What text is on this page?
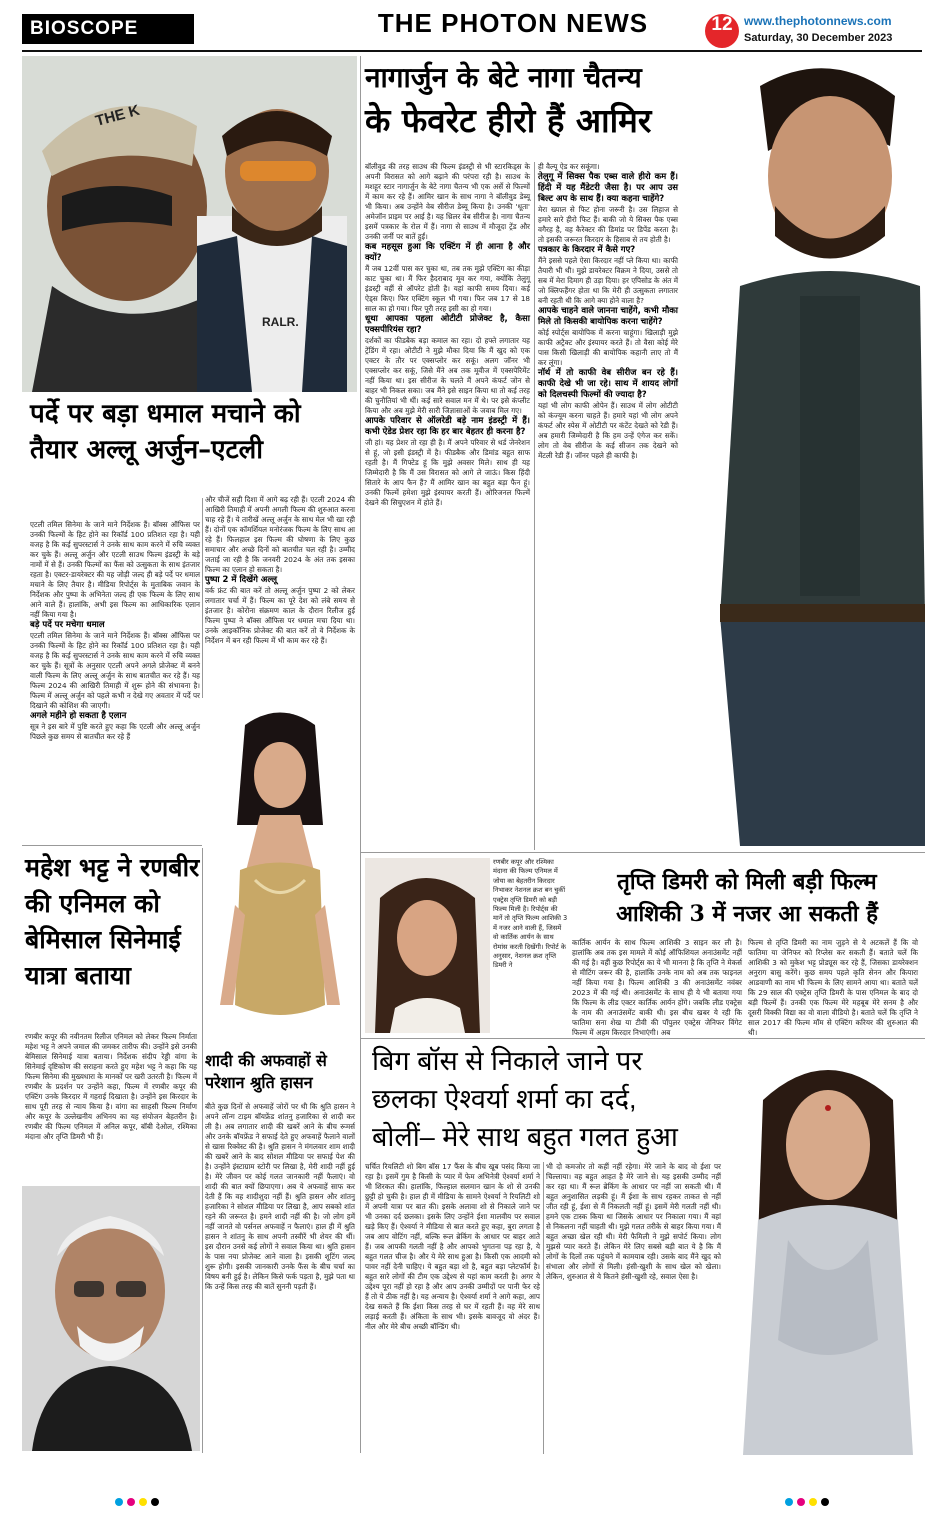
BIOSCOPE	THE PHOTON NEWS	12 www.thephotonnews.com
Saturday, 30 December 2023
RALR.
THE K
पर्दे पर बड़ा धमाल मचाने को तैयार अल्लू अर्जुन–एटली
एटली तमिल सिनेमा के जाने माने निर्देशक हैं। बॉक्स ऑफिस पर उनकी फिल्मों के हिट होने का रिकॉर्ड 100 प्रतिशत रहा है। यही वजह है कि कई सुपरस्टार्स ने उनके साथ काम करने में रुचि व्यक्त कर चुके हैं। अल्लू अर्जुन और एटली साउथ फिल्म इंडस्ट्री के बड़े नामों में से हैं। उनकी फिल्मों का फैंस को उत्सुकता के साथ इंतजार रहता है। एक्टर-डायरेक्टर की यह जोड़ी जल्द ही बड़े पर्दे पर धमाल मचाने के लिए तैयार है। मीडिया रिपोर्ट्स के मुताबिक जवान के निर्देशक और पुष्पा के अभिनेता जल्द ही एक फिल्म के लिए साथ आने वाले हैं। हालांकि, अभी इस फिल्म का आधिकारिक एलान नहीं किया गया है।
बड़े पर्दे पर मचेगा धमाल
एटली तमिल सिनेमा के जाने माने निर्देशक हैं। बॉक्स ऑफिस पर उनकी फिल्मों के हिट होने का रिकॉर्ड 100 प्रतिशत रहा है। यही वजह है कि कई सुपरस्टार्स ने उनके साथ काम करने में रुचि व्यक्त कर चुके हैं। सूत्रों के अनुसार एटली अपने अगले प्रोजेक्ट में बनने वाली फिल्म के लिए अल्लू अर्जुन के साथ बातचीत कर रहे हैं। यह फिल्म 2024 की आखिरी तिमाही में शुरू होने की संभावना है। फिल्म में अल्लू अर्जुन को पहले कभी न देखे गए अवतार में पर्दे पर दिखाने की कोशिश की जाएगी।
अगले महीने हो सकता है एलान
सूत्र ने इस बारे में पुष्टि करते हुए कहा कि एटली और अल्लू अर्जुन पिछले कुछ समय से बातचीत कर रहे हैं
और चीजें सही दिशा में आगे बढ़ रही हैं। एटली 2024 की आखिरी तिमाही में अपनी अगली फिल्म की शुरुआत करना चाह रहे हैं। ये तारीखें अल्लू अर्जुन के साथ मेल भी खा रही हैं। दोनों एक कॉमर्शियल मनोरंजक फिल्म के लिए साथ आ रहे हैं। फिलहाल इस फिल्म की घोषणा के लिए कुछ समाचार और अच्छे दिनों को बातचीत चल रही है। उम्मीद जताई जा रही है कि जनवरी 2024 के अंत तक इसका फिल्म का एलान हो सकता है।
पुष्पा 2 में दिखेंगे अल्लू
वर्क फ्रंट की बात करें तो अल्लू अर्जुन पुष्पा 2 को लेकर लगातार चर्चा में हैं। फिल्म का पूरे देश को लंबे समय से इंतजार है। कोरोना संक्रमण काल के दौरान रिलीज हुई फिल्म पुष्पा ने बॉक्स ऑफिस पर धमाल मचा दिया था। उनके आइकॉनिक प्रोजेक्ट की बात करें तो वे निर्देशक के निर्देशन में बन रही फिल्म में भी काम कर रहे हैं।
महेश भट्ट ने रणबीर की एनिमल को बेमिसाल सिनेमाई यात्रा बताया
रणबीर कपूर की नवीनतम रिलीज एनिमल को लेकर फिल्म निर्माता महेश भट्ट ने अपने जमाल की जमकर तारीफ की। उन्होंने इसे उनकी बेमिसाल सिनेमाई यात्रा बताया। निर्देशक संदीप रेड्डी वांगा के सिनेमाई दृष्टिकोण की सराहना करते हुए महेश भट्ट ने कहा कि यह फिल्म सिनेमा की मुख्यधारा के मानकों पर खरी उतरती है। फिल्म में रणबीर के प्रदर्शन पर उन्होंने कहा, फिल्म में रणबीर कपूर की एक्टिंग उनके किरदार में गहराई दिखाता है। उन्होंने इस किरदार के साथ पूरी तरह से न्याय किया है। वांगा का साहसी फिल्म निर्माण और कपूर के उल्लेखनीय अभिनय का यह संयोजन बेहतरीन है। रणबीर की फिल्म एनिमल में अनिल कपूर, बॉबी देओल, रश्मिका मंदाना और तृप्ति डिमरी भी हैं।
शादी की अफवाहों से परेशान श्रुति हासन
बीते कुछ दिनों से अफवाहें जोरों पर थी कि श्रुति हासन ने अपने लॉन्ग टाइम बॉयफ्रेंड शांतनु हजारिका से शादी कर ली है। अब लगातार शादी की खबरें आने के बीच रूमर्स और उनके बॉयफ्रेंड ने सफाई देते हुए अफवाहें फैलाने वालों से खास रिक्वेस्ट की है। श्रुति हासन ने मंगलवार शाम शादी की खबरें आने के बाद सोशल मीडिया पर सफाई पेश की है। उन्होंने इंस्टाग्राम स्टोरी पर लिखा है, मेरी शादी नहीं हुई है। मेरे जीवन पर कोई गलत जानकारी नहीं फैलाएं। वो शादी की बात क्यों छिपाएगा। अब ये अफवाहें साफ कर देती हैं कि वह शादीशुदा नहीं हैं। श्रुति हासन और शांतनु हजारिका ने सोशल मीडिया पर लिखा है, आप सबको शांत रहने की जरूरत है। हमने शादी नहीं की है। जो लोग हमें नहीं जानते वो पर्सनल अफवाहें न फैलाएं। हाल ही में श्रुति हासन ने शांतनु के साथ अपनी तस्वीरें भी शेयर की थीं। इस दौरान उनसे कई लोगों ने सवाल किया था। श्रुति हासन के पास नया प्रोजेक्ट आने वाला है। इसकी शूटिंग जल्द शुरू होगी। इसकी जानकारी उनके फैंस के बीच चर्चा का विषय बनी हुई है। लेकिन किसे फर्क पड़ता है, मुझे पता था कि उन्हें किस तरह की बातें सुननी पड़ती हैं।
नागार्जुन के बेटे नागा चैतन्य
के फेवरेट हीरो हैं आमिर
बॉलीवुड की तरह साउथ की फिल्म इंडस्ट्री से भी स्टारकिड्स के अपनी विरासत को आगे बढ़ाने की परंपरा रही है। साउथ के मशहूर स्टार नागार्जुन के बेटे नागा चैतन्य भी एक अर्से से फिल्मों में काम कर रहे हैं। आमिर खान के साथ नागा ने बॉलीवुड डेब्यू भी किया। अब उन्होंने वेब सीरीज डेब्यू किया है। उनकी 'धूता' अमेजॉन प्राइम पर आई है। यह थ्रिलर वेब सीरीज है। नागा चैतन्य इसमें पत्रकार के रोल में हैं। नागा से साउथ में मौजूदा ट्रेंड और उनकी जर्नी पर बातें हुईं।
कब महसूस हुआ कि एक्टिंग में ही आना है और क्यों?
मैं जब 12वीं पास कर चुका था, तब तक मुझे एक्टिंग का कीड़ा काट चुका था। मैं फिर हैदराबाद मूव कर गया, क्योंकि तेलुगू इंडस्ट्री वहीं से ऑपरेट होती है। यहां काफी समय दिया। कई ऐड्स किए। फिर एक्टिंग स्कूल भी गया। फिर जब 17 से 18 साल का हो गया। फिर पूरी तरह इसी का हो गया।
धूथा आपका पहला ओटीटी प्रोजेक्ट है, कैसा एक्सपीरियंस रहा?
दर्शकों का फीडबैक बड़ा कमाल का रहा। दो हफ्ते लगातार यह ट्रेंडिंग में रहा। ओटीटी ने मुझे मौका दिया कि मैं खुद को एक एक्टर के तौर पर एक्सप्लोर कर सकूं। अलग जॉनर भी एक्सप्लोर कर सकूं, जिसे मैंने अब तक मूवीज में एक्सपेरिमेंट नहीं किया था। इस सीरीज के चलते मैं अपने कंफर्ट जोन से बाहर भी निकल सका। जब मैंने इसे साइन किया था तो कई तरह की चुनौतियां भी थीं। कई सारे सवाल मन में थे। पर इसे कंप्लीट किया और अब मुझे मेरी सारी जिज्ञासाओं के जवाब मिल गए।
आपके परिवार से ऑलरेडी बड़े नाम इंडस्ट्री में हैं। कभी ऐडेड प्रेशर रहा कि हर बार बेहतर ही करना है?
जी हां। यह प्रेशर तो रहा ही है। मैं अपने परिवार से थर्ड जेनरेशन से हूं, जो इसी इंडस्ट्री में है। फीडबैक और डिमांड बहुत साफ रहती है। मैं गिफ्टेड हूं कि मुझे अवसर मिले। साथ ही यह जिम्मेदारी है कि मैं उस विरासत को आगे ले जाऊं। किस हिंदी सितारे के आप फैन हैं? मैं आमिर खान का बहुत बड़ा फैन हूं। उनकी फिल्में हमेशा मुझे इंस्पायर करती हैं। ओरिजनल फिल्में देखने की सिचुएशन में होते हैं।
ही वैल्यू ऐड कर सकूंगा।
तेलुगू में सिक्स पैक एब्स वाले हीरो कम हैं। हिंदी में यह मैंडेटरी जैसा है। पर आप उस बिल्ट अप के साथ हैं। क्या कहना चाहेंगे?
मेरा ख्याल से फिट होना जरूरी है। उस लिहाज से हमारे सारे हीरो फिट हैं। बाकी जो ये सिक्स पैक एब्स वगैरह है, वह कैरेक्टर की डिमांड पर डिपेंड करता है। तो इसकी जरूरत किरदार के हिसाब से तय होती है।
पत्रकार के किरदार में कैसे गए?
मैंने इससे पहले ऐसा किरदार नहीं प्ले किया था। काफी तैयारी भी थी। मुझे डायरेक्टर विक्रम ने दिया, उससे तो सब में मेरा दिमाग ही उड़ा दिया। हर एपिसोड के अंत में जो क्लिफहैंगर होता था कि मेरी ही उत्सुकता लगातार बनी रहती थी कि आगे क्या होने वाला है?
आपके चाहने वाले जानना चाहेंगे, कभी मौका मिले तो किसकी बायोपिक करना चाहेंगे?
कोई स्पोर्ट्स बायोपिक में करना चाहूंगा। खिलाड़ी मुझे काफी अट्रैक्ट और इंस्पायर करते हैं। तो वैसा कोई मेरे पास किसी खिलाड़ी की बायोपिक कहानी लाए तो मैं कर लूंगा।
नॉर्थ में तो काफी वेब सीरीज बन रहे हैं। काफी देखे भी जा रहे। साथ में शायद लोगों को दिलचस्पी फिल्मों की ज्यादा है?
यहां भी लोग काफी ओपेन हैं। साउथ में लोग ओटीटी को कंज्यूम करना चाहते हैं। हमारे यहां भी लोग अपने कंफर्ट और स्पेस में ओटीटी पर कंटेंट देखते को रेडी हैं। अब हमारी जिम्मेदारी है कि हम उन्हें एंगेज कर सकें। लोग तो वेब सीरीज के कई सीजन तक देखने को मेंटली रेडी हैं। जॉनर पहले ही काफी है।
रणबीर कपूर और रश्मिका मंदाना की फिल्म एनिमल में जोया का बेहतरीन किरदार निभाकर नेशनल क्रश बन चुकीं एक्ट्रेस तृप्ति डिमरी को बड़ी फिल्म मिली है। रिपोर्ट्स की मानें तो तृप्ति फिल्म आशिकी 3 में नजर आने वाली हैं, जिसमें वो कार्तिक आर्यन के साथ रोमांस करती दिखेंगी। रिपोर्ट के अनुसार, नेशनल क्रश तृप्ति डिमरी ने
तृप्ति डिमरी को मिली बड़ी फिल्म
आशिकी 3 में नजर आ सकती हैं
कार्तिक आर्यन के साथ फिल्म आशिकी 3 साइन कर ली है। हालांकि अब तक इस मामले में कोई ऑफिशियल अनाउंसमेंट नहीं की गई है। वहीं कुछ रिपोर्ट्स का ये भी मानना है कि तृप्ति ने मेकर्स से मीटिंग जरूर की है, हालांकि उनके नाम को अब तक फाइनल नहीं किया गया है। फिल्म आशिकी 3 की अनाउंसमेंट नवंबर 2023 में की गई थी। अनाउंसमेंट के साथ ही ये भी बताया गया कि फिल्म के लीड एक्टर कार्तिक आर्यन होंगे। जबकि लीड एक्ट्रेस के नाम की अनाउंसमेंट बाकी थी। इस बीच खबर ये रही कि फातिमा सना शेख या टीवी की पॉपुलर एक्ट्रेस जेनिफर विंगेट फिल्म में अहम किरदार निभाएंगी। अब
फिल्म से तृप्ति डिमरी का नाम जुड़ने से ये अटकलें हैं कि वो फातिमा या जेनिफर को रिप्लेस कर सकती हैं। बताते चलें कि आशिकी 3 को मुकेश भट्ट प्रोड्यूस कर रहे हैं, जिसका डायरेक्शन अनुराग बासु करेंगे। कुछ समय पहले कृति सेनन और कियारा आडवाणी का नाम भी फिल्म के लिए सामने आया था। बताते चलें कि 29 साल की एक्ट्रेस तृप्ति डिमरी के पास एनिमल के बाद दो बड़ी फिल्में हैं। उनकी एक फिल्म मेरे महबूब मेरे सनम है और दूसरी विक्की विद्या का वो वाला वीडियो है। बताते चलें कि तृप्ति ने साल 2017 की फिल्म मॉम से एक्टिंग करियर की शुरुआत की थी।
बिग बॉस से निकाले जाने पर
छलका ऐश्वर्या शर्मा का दर्द,
बोलीं– मेरे साथ बहुत गलत हुआ
चर्चित रियलिटी शो बिग बॉस 17 फैंस के बीच खूब पसंद किया जा रहा है। इसमें गुम है किसी के प्यार में फेम अभिनेत्री ऐश्वर्या शर्मा ने भी शिरकत की। हालांकि, फिल्हाल सलमान खान के शो से उनकी छुट्टी हो चुकी है। हाल ही में मीडिया के सामने ऐश्वर्या ने रियलिटी शो में अपनी यात्रा पर बात की। इसके अलावा शो से निकाले जाने पर भी उनका दर्द छलका। इसके लिए उन्होंने ईशा मालवीय पर सवाल खड़े किए हैं। ऐश्वर्या ने मीडिया से बात करते हुए कहा, बुरा लगता है जब आप वोटिंग नहीं, बल्कि रूल ब्रेकिंग के आधार पर बाहर आते हैं। जब आपकी गलती नहीं है और आपको भुगतना पड़ रहा है, ये बहुत गलत चीज है। और ये मेरे साथ हुआ है। किसी एक आदमी को पावर नहीं देनी चाहिए। ये बहुत बड़ा शो है, बहुत बड़ा प्लेटफॉर्म है। बहुत सारे लोगों की टीम एक उद्देश्य से यहां काम करती है। अगर ये उद्देश्य पूरा नहीं हो रहा है और आप उनकी उम्मीदों पर पानी फेर रहे हैं तो ये ठीक नहीं है। यह अन्याय है। ऐश्वर्या शर्मा ने आगे कहा, आप देख सकते हैं कि ईशा किस तरह से घर में रहती हैं। वह मेरे साथ लड़ाई करती हैं। अंकिता के साथ भी। इसके बावजूद वो अंदर हैं। नील और मेरे बीच अच्छी बॉन्डिंग थी।
भी दो कमजोर तो कहीं नहीं रहेगा। मेरे जाने के बाद वो ईशा पर चिल्लाया। वह बहुत आहत है मेरे जाने से। यह इसकी उम्मीद नहीं कर रहा था। मैं रूल ब्रेकिंग के आधार पर नहीं जा सकती थी। मैं बहुत अनुशासित लड़की हूं। मैं ईशा के साथ रहकर ताकत से नहीं जीत रही हूं, ईशा से मैं निकलती नहीं हूं। इसमें मेरी गलती नहीं थी। हमने एक टास्क किया था जिसके आधार पर निकाला गया। मैं वहां से निकलना नहीं चाहती थी। मुझे गलत तरीके से बाहर किया गया। मैं बहुत अच्छा खेल रही थी। मेरी फैमिली ने मुझे सपोर्ट किया। लोग मुझसे प्यार करते हैं। लेकिन मेरे लिए सबसे बड़ी बात ये है कि मैं लोगों के दिलों तक पहुंचने में कामयाब रही। उसके बाद मैंने खुद को संभाला और लोगों से मिली। हंसी-खुशी के साथ खेल को खेला। लेकिन, शुरुआत से ये कितने हंसी-खुशी रहे, सवाल ऐसा है।
